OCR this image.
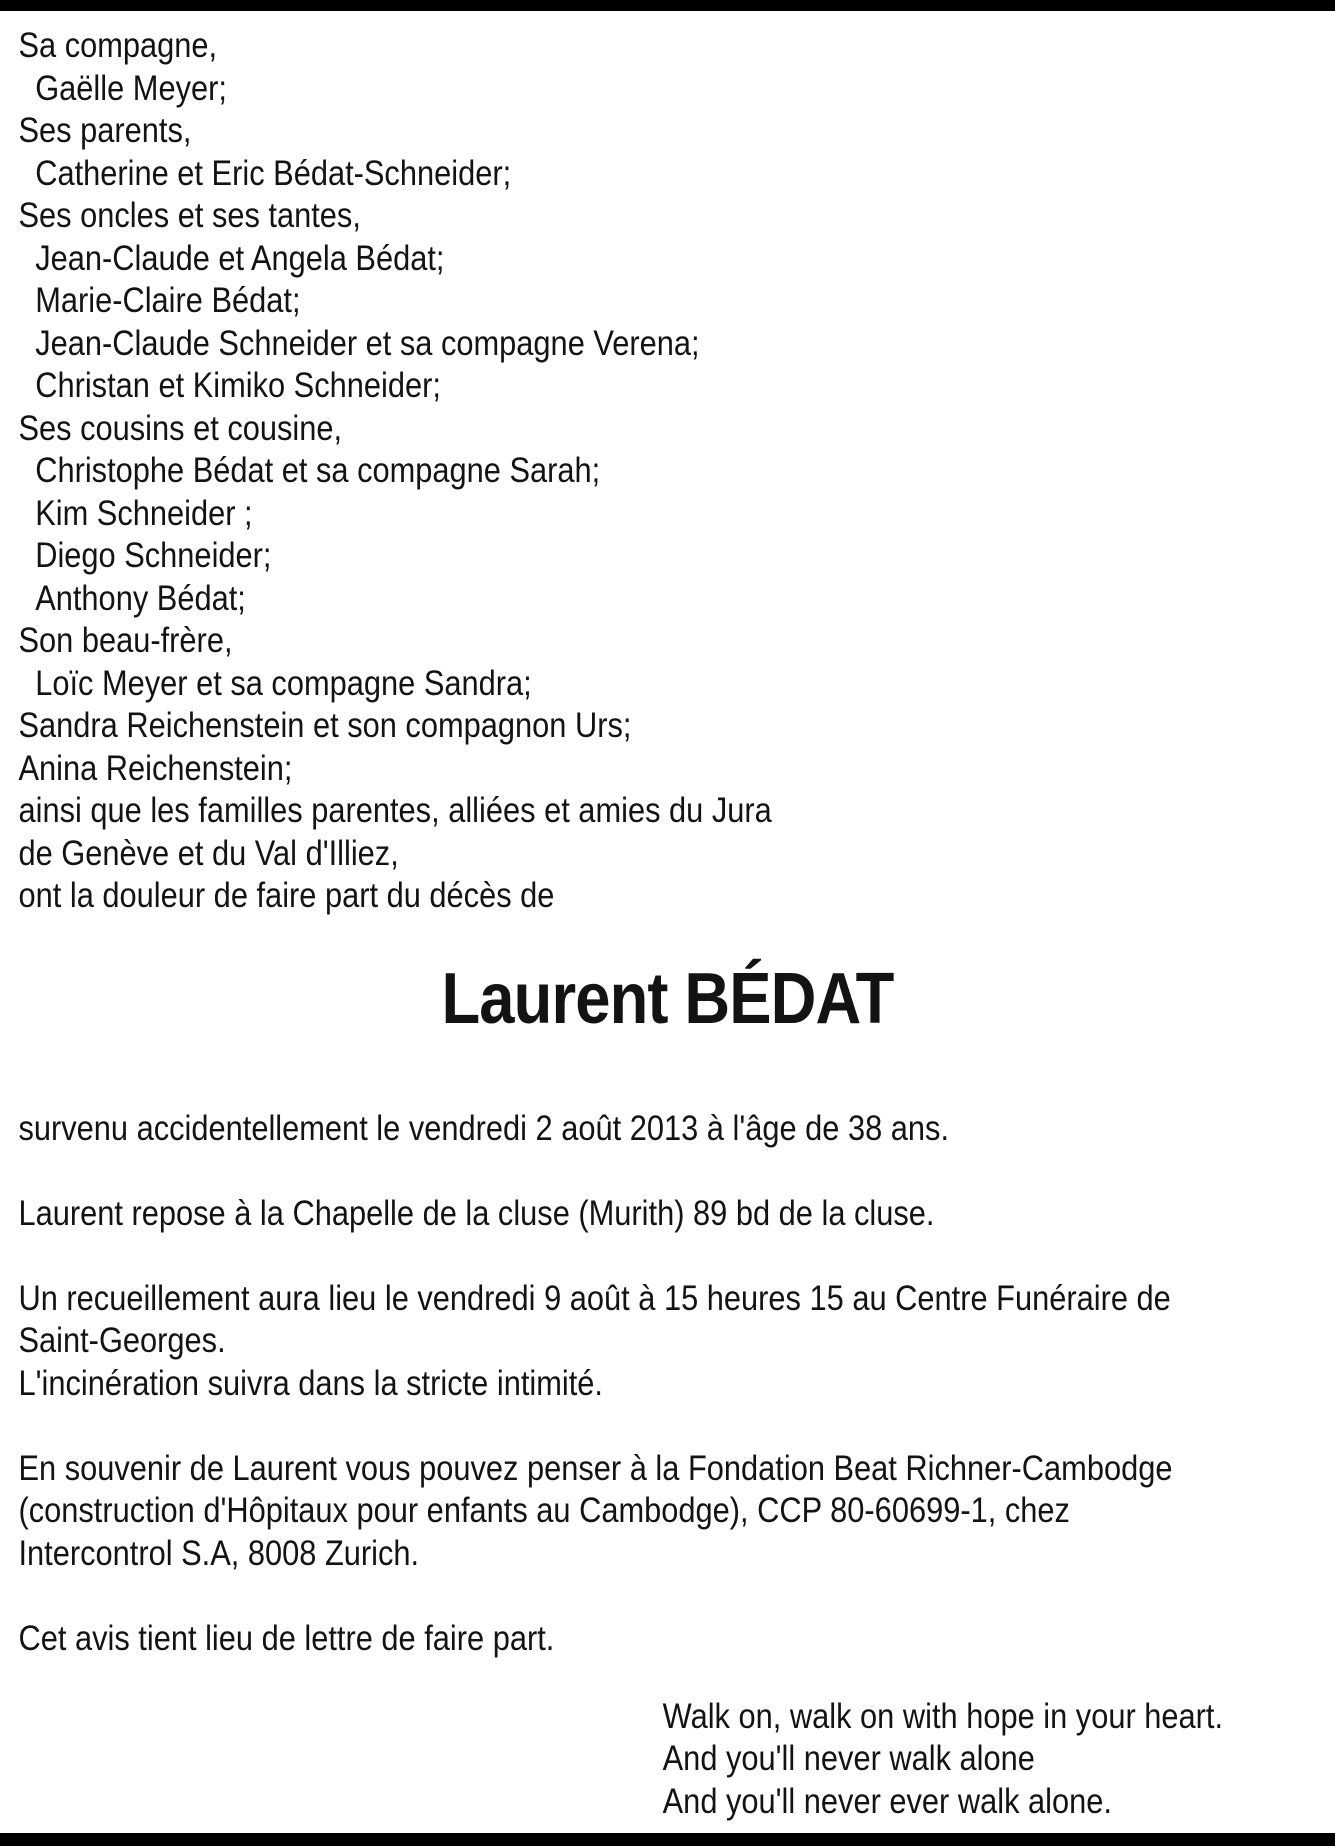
Sa compagne,
Gaëlle Meyer;
Ses parents,
Catherine et Eric Bédat-Schneider;
Ses oncles et ses tantes,
Jean-Claude et Angela Bédat;
Marie-Claire Bédat;
Jean-Claude Schneider et sa compagne Verena;
Christan et Kimiko Schneider;
Ses cousins et cousine,
Christophe Bédat et sa compagne Sarah;
Kim Schneider ;
Diego Schneider;
Anthony Bédat;
Son beau-frère,
Loïc Meyer et sa compagne Sandra;
Sandra Reichenstein et son compagnon Urs;
Anina Reichenstein;
ainsi que les familles parentes, alliées et amies du Jura
de Genève et du Val d'Illiez,
ont la douleur de faire part du décès de
Laurent BÉDAT
survenu accidentellement le vendredi 2 août 2013 à l'âge de 38 ans.
Laurent repose à la Chapelle de la cluse (Murith) 89 bd de la cluse.
Un recueillement aura lieu le vendredi 9 août à 15 heures 15 au Centre Funéraire de
Saint-Georges.
L'incinération suivra dans la stricte intimité.
En souvenir de Laurent vous pouvez penser à la Fondation Beat Richner-Cambodge
(construction d'Hôpitaux pour enfants au Cambodge), CCP 80-60699-1, chez
Intercontrol S.A, 8008 Zurich.
Cet avis tient lieu de lettre de faire part.
Walk on, walk on with hope in your heart.
And you'll never walk alone
And you'll never ever walk alone.
